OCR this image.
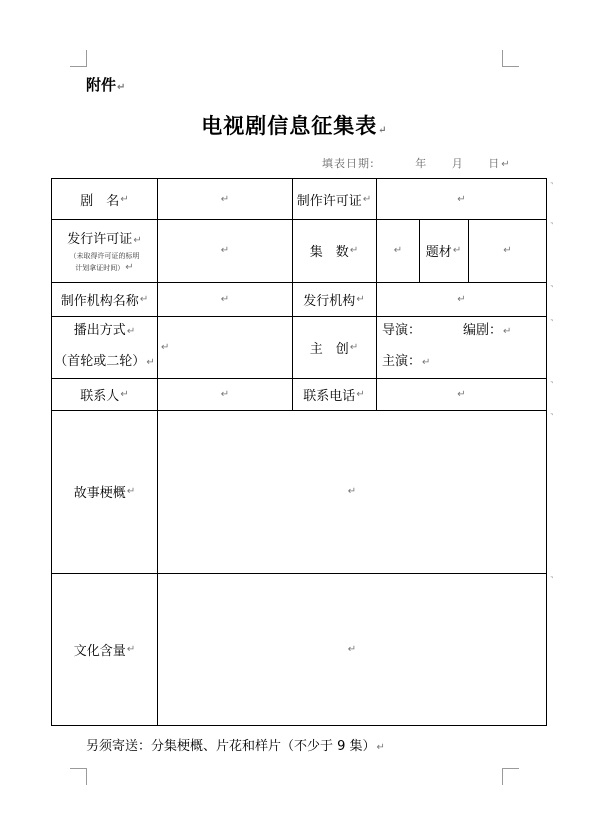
附件↵
电视剧信息征集表↵
填表日期:	年 月 日↵
剧　名 ↵	↵	制作许可证 ↵	↵
发行许可证↵
（未取得许可证的标明
计划拿证时间）↵
↵	集　数 ↵	↵ 题材 ↵	↵
制作机构名称 ↵	↵	发行机构 ↵	↵
播出方式↵
（首轮或二轮）↵
↵	主　创 ↵
导演：	编剧：↵
主演：↵
联系人 ↵	↵	联系电话 ↵	↵
故事梗概 ↵	↵
文化含量 ↵	↵
˺
˺
˺
˺
˺
˺
˺
另须寄送：分集梗概、片花和样片（不少于 9 集）↵
